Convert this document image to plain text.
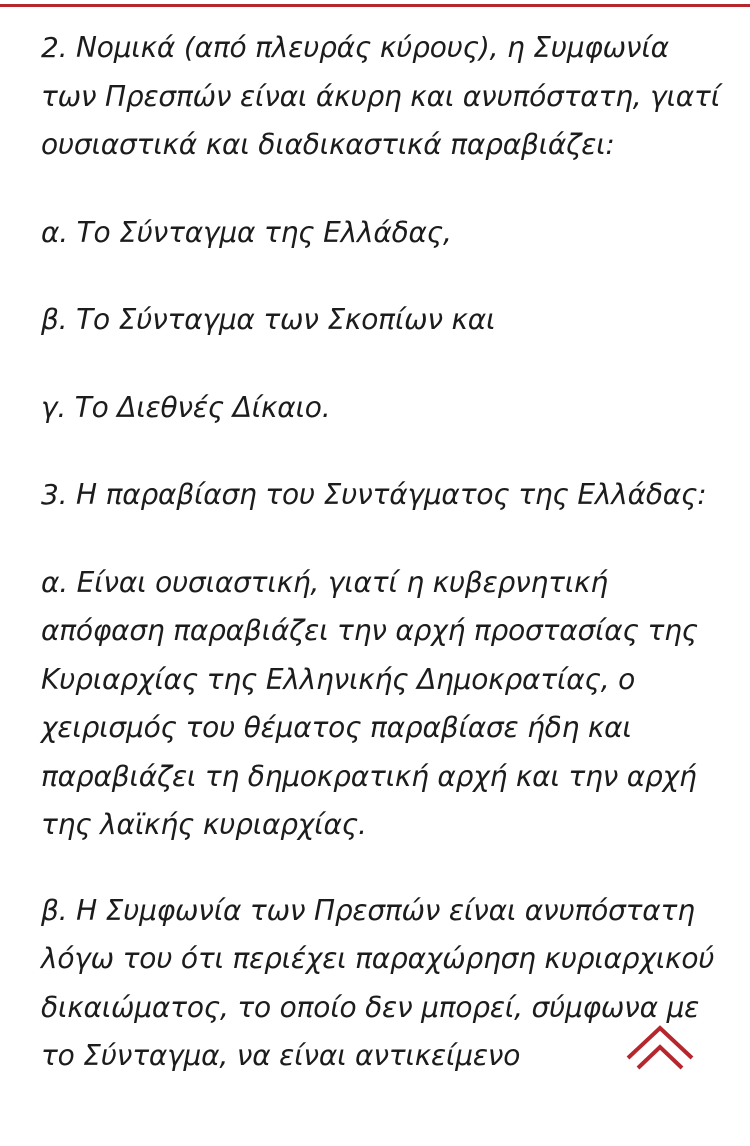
2. Νομικά (από πλευράς κύρους), η Συμφωνία των Πρεσπών είναι άκυρη και ανυπόστατη, γιατί ουσιαστικά και διαδικαστικά παραβιάζει:

α. Το Σύνταγμα της Ελλάδας,

β. Το Σύνταγμα των Σκοπίων και

γ. Το Διεθνές Δίκαιο.

3. Η παραβίαση του Συντάγματος της Ελλάδας:

α. Είναι ουσιαστική, γιατί η κυβερνητική απόφαση παραβιάζει την αρχή προστασίας της Κυριαρχίας της Ελληνικής Δημοκρατίας, ο χειρισμός του θέματος παραβίασε ήδη και παραβιάζει τη δημοκρατική αρχή και την αρχή της λαϊκής κυριαρχίας.

β. Η Συμφωνία των Πρεσπών είναι ανυπόστατη λόγω του ότι περιέχει παραχώρηση κυριαρχικού δικαιώματος, το οποίο δεν μπορεί, σύμφωνα με το Σύνταγμα, να είναι αντικείμενο
